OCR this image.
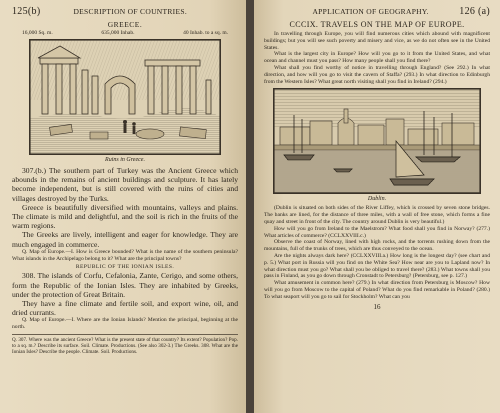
125(b)	DESCRIPTION OF COUNTRIES.
GREECE.
16,000 Sq. m.	635,000 Inhab.	40 Inhab. to a sq. m.
Ruins in Greece.

307.(b.) The southern part of Turkey was the Ancient Greece which abounds in the remains of ancient buildings and sculpture. It has lately become independent, but is still covered with the ruins of cities and villages destroyed by the Turks.

Greece is beautifully diversified with mountains, valleys and plains. The climate is mild and delightful, and the soil is rich in the fruits of the warm regions.

The Greeks are lively, intelligent and eager for knowledge. They are much engaged in commerce.

Q. Map of Europe.—I. How is Greece bounded? What is the name of the southern peninsula? What islands in the Archipelago belong to it? What are the principal towns?

REPUBLIC OF THE IONIAN ISLES.

308. The islands of Corfu, Cefalonia, Zante, Cerigo, and some others, form the Republic of the Ionian Isles. They are inhabited by Greeks, under the protection of Great Britain.

They have a fine climate and fertile soil, and export wine, oil, and dried currants.

Q. Map of Europe.—I. Where are the Ionian Islands? Mention the principal, beginning at the north.

Q. 307. Where was the ancient Greece? What is the present state of that country? Its extent? Population? Pop. to a sq. m.? Describe its surface. Soil. Climate. Productions. (See also 302-3.) The Greeks. 308. What are the Ionian Isles? Describe the people. Climate. Soil. Productions.

APPLICATION OF GEOGRAPHY.	126 (a)
CCCIX. TRAVELS ON THE MAP OF EUROPE.

In travelling through Europe, you will find numerous cities which abound with magnificent buildings; but you will see such poverty and misery and vice, as we do not often see in the United States.

What is the largest city in Europe? How will you go to it from the United States, and what ocean and channel must you pass? How many people shall you find there?

What shall you find worthy of notice in travelling through England? (See 292.) In what direction, and how will you go to visit the cavern of Staffa? (293.) In what direction to Edinburgh from the Western Isles? What great north visiting shall you find in Ireland? (294.)

Dublin.

(Dublin is situated on both sides of the River Liffey, which is crossed by seven stone bridges. The banks are lined, for the distance of three miles, with a wall of free stone, which forms a fine quay and street in front of the city. The country around Dublin is very beautiful.)

How will you go from Ireland to the Maelstrom? What food shall you find in Norway? (277.) What articles of commerce? (CCLXXVIII.c.)

Observe the coast of Norway, lined with high rocks, and the torrents rushing down from the mountains, full of the trunks of trees, which are thus conveyed to the ocean.

Are the nights always dark here? (CCLXXVIII.a.) How long is the longest day? (see chart and p. 5.) What port in Russia will you find on the White Sea? How near are you to Lapland now? In what direction must you go? What shall you be obliged to travel there? (283.) What towns shall you pass in Finland, as you go down through Cronstadt to Petersburg? (Petersburg, see p. 127.)

What amusement in common here? (279.) In what direction from Petersburg is Moscow? How will you go from Moscow to the capital of Poland? What do you find remarkable in Poland? (280.) To what seaport will you go to sail for Stockholm? What can you

16
